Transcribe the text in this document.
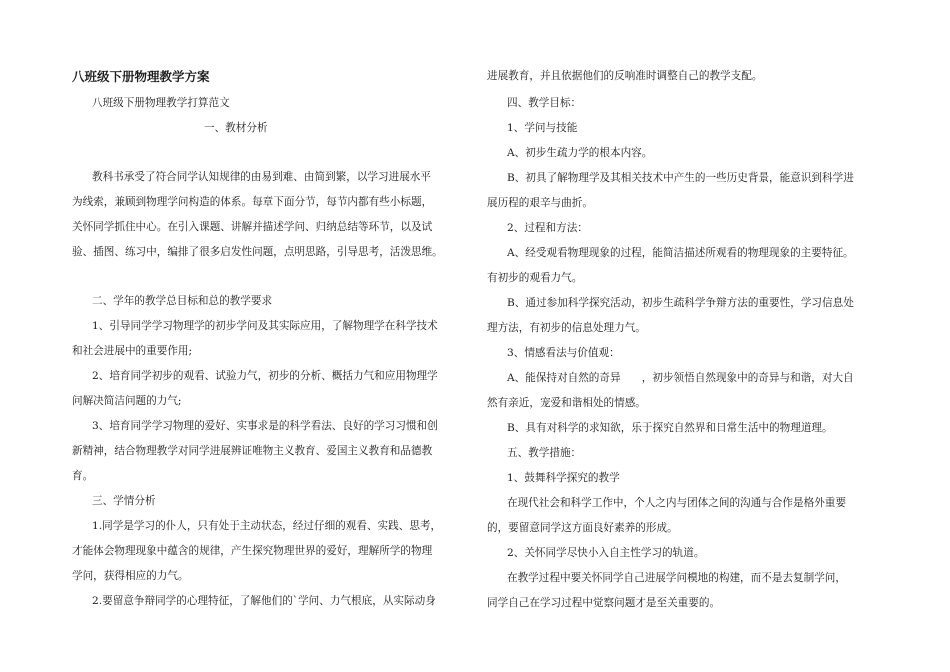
八班级下册物理教学方案
八班级下册物理教学打算范文
一、教材分析
教科书承受了符合同学认知规律的由易到难、由简到繁，以学习进展水平
为线索，兼顾到物理学问构造的体系。每章下面分节，每节内都有些小标题，
关怀同学抓住中心。在引入课题、讲解并描述学问、归纳总结等环节，以及试
验、插图、练习中，编排了很多启发性问题，点明思路，引导思考，活泼思维。
二、学年的教学总目标和总的教学要求
1、引导同学学习物理学的初步学问及其实际应用，了解物理学在科学技术
和社会进展中的重要作用;
2、培育同学初步的观看、试验力气，初步的分析、概括力气和应用物理学
问解决简洁问题的力气;
3、培育同学学习物理的爱好、实事求是的科学看法、良好的学习习惯和创
新精神，结合物理教学对同学进展辨证唯物主义教育、爱国主义教育和品德教
育。
三、学情分析
1.同学是学习的仆人，只有处于主动状态，经过仔细的观看、实践、思考，
才能体会物理现象中蕴含的规律，产生探究物理世界的爱好，理解所学的物理
学问，获得相应的力气。
2.要留意争辩同学的心理特征，了解他们的`学问、力气根底，从实际动身
进展教育，并且依据他们的反响准时调整自己的教学支配。
四、教学目标：
1、学问与技能
A、初步生疏力学的根本内容。
B、初具了解物理学及其相关技术中产生的一些历史背景，能意识到科学进
展历程的艰辛与曲折。
2、过程和方法：
A、经受观看物理现象的过程，能简洁描述所观看的物理现象的主要特征。
有初步的观看力气。
B、通过参加科学探究活动，初步生疏科学争辩方法的重要性，学习信息处
理方法，有初步的信息处理力气。
3、情感看法与价值观：
A、能保持对自然的奇异　　，初步领悟自然现象中的奇异与和谐，对大自
然有亲近，宠爱和谐相处的情感。
B、具有对科学的求知欲，乐于探究自然界和日常生活中的物理道理。
五、教学措施：
1、鼓舞科学探究的教学
在现代社会和科学工作中，个人之内与团体之间的沟通与合作是格外重要
的，要留意同学这方面良好素养的形成。
2、关怀同学尽快小入自主性学习的轨道。
在教学过程中要关怀同学自己进展学问模地的构建，而不是去复制学问，
同学自己在学习过程中觉察问题才是至关重要的。
